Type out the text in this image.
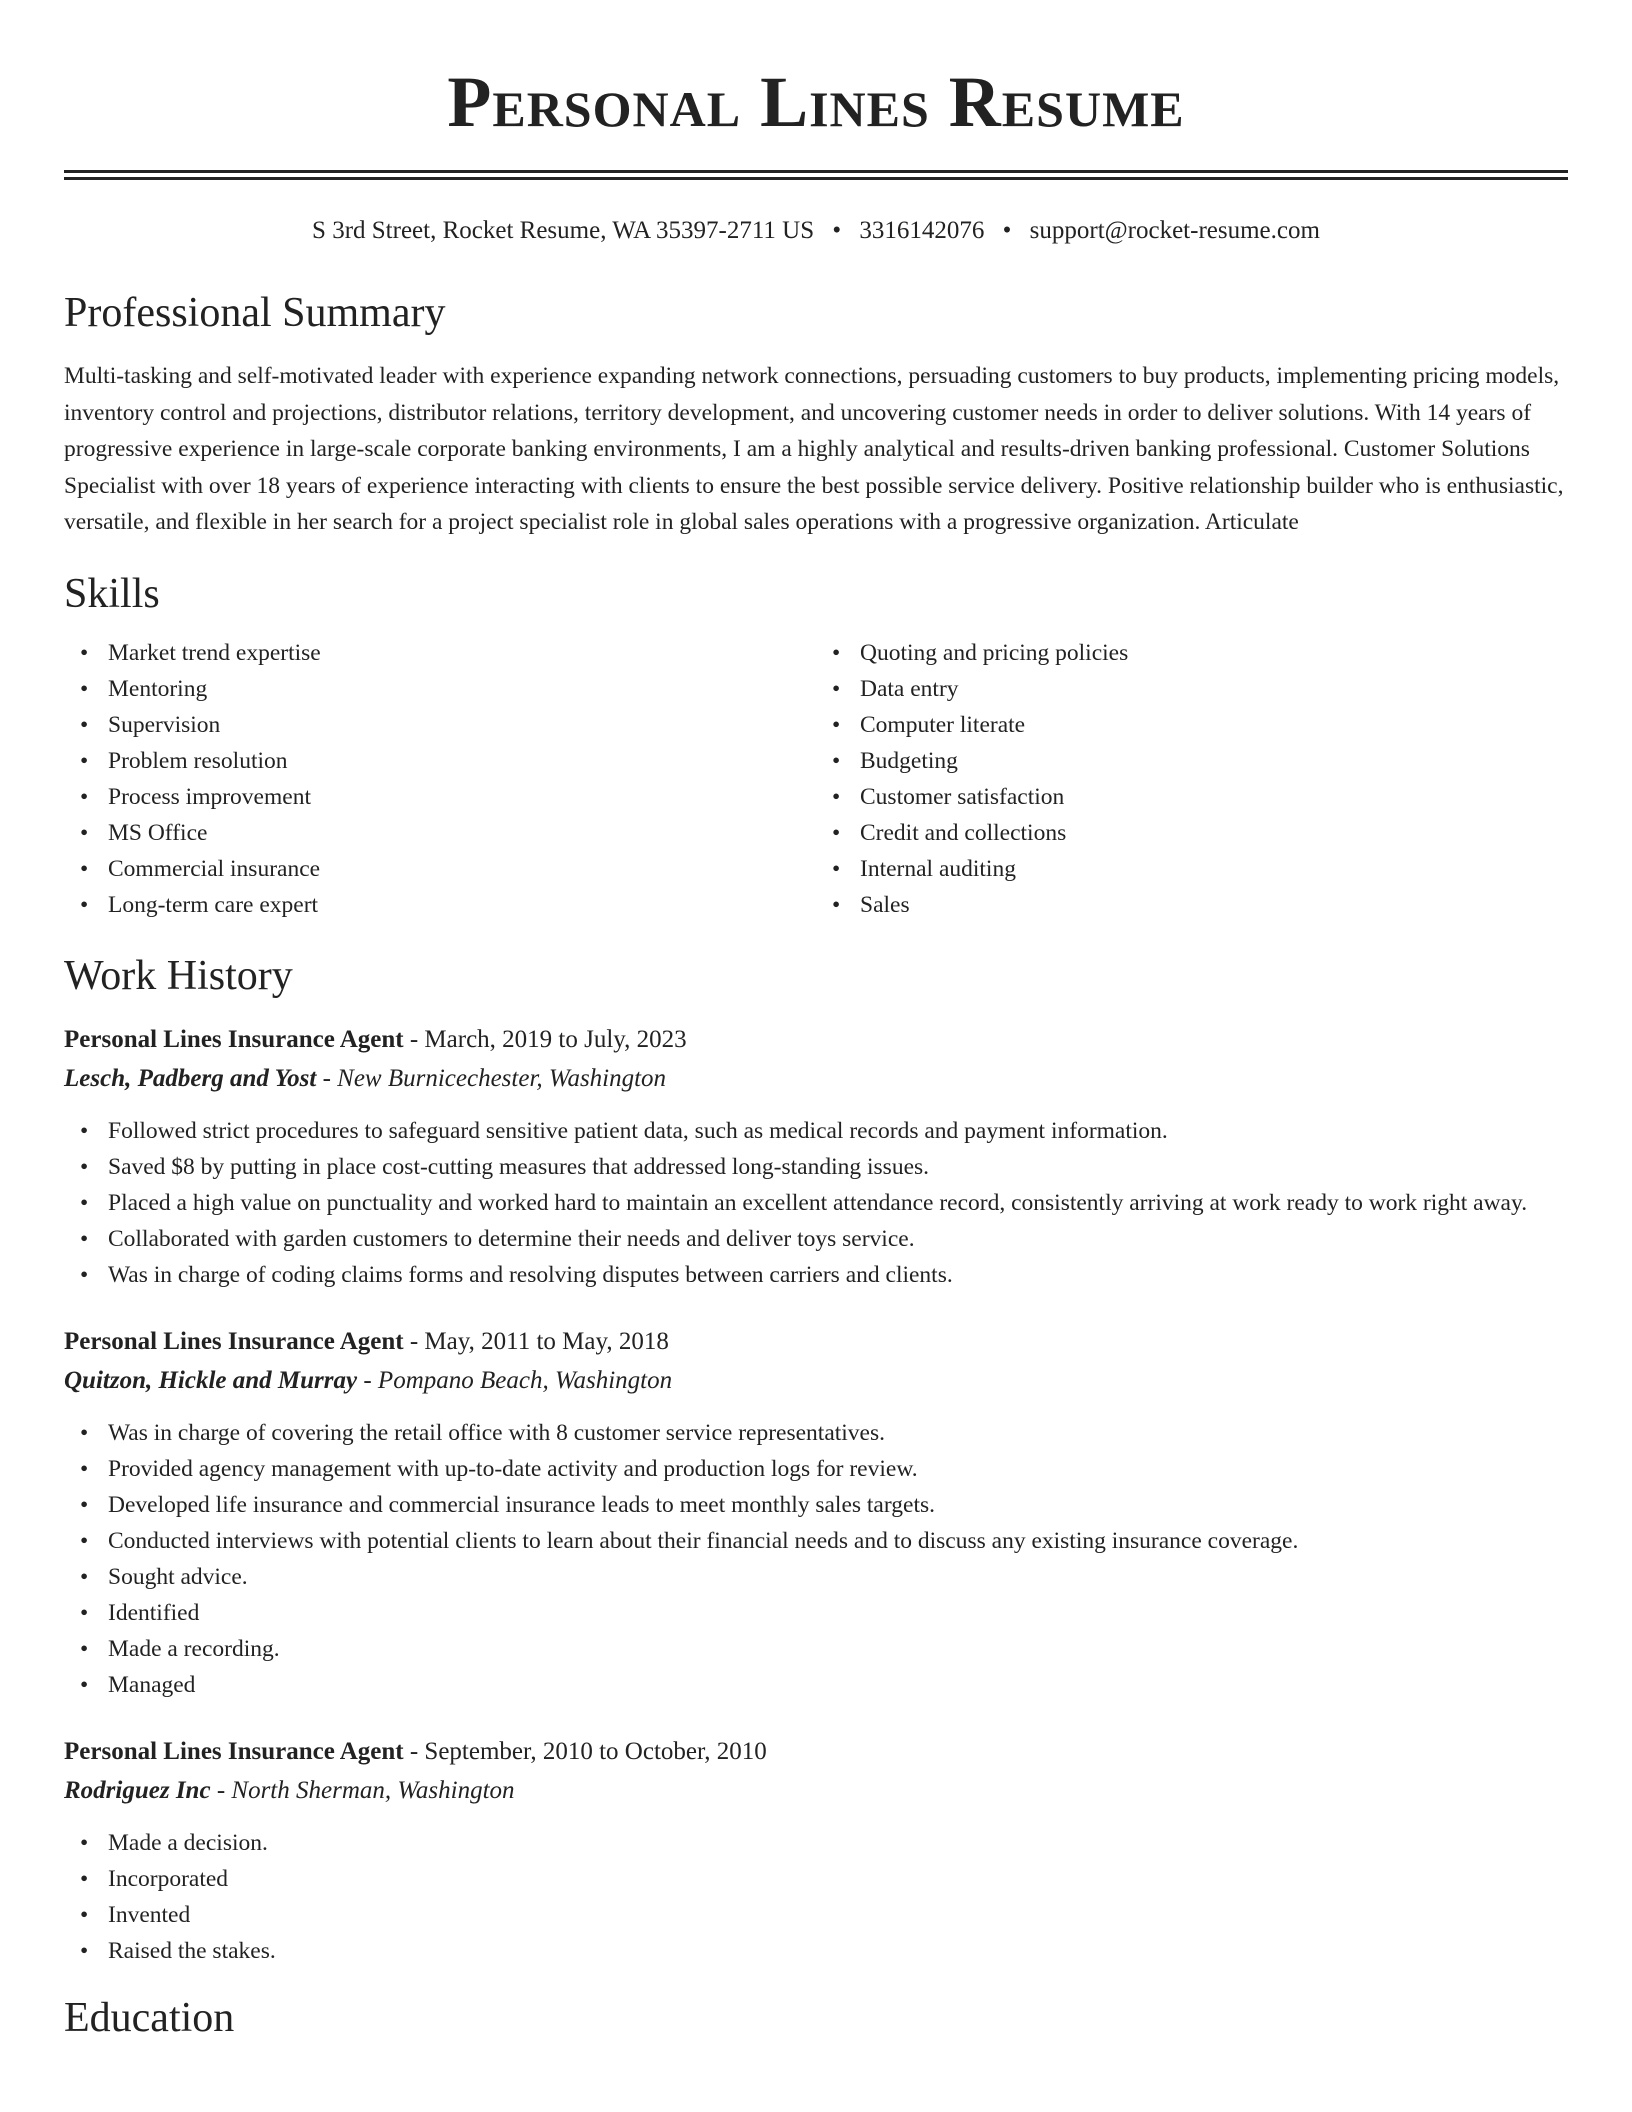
Personal Lines Resume
S 3rd Street, Rocket Resume, WA 35397-2711 US • 3316142076 • support@rocket-resume.com
Professional Summary

Multi-tasking and self-motivated leader with experience expanding network connections, persuading customers to buy products, implementing pricing models, inventory control and projections, distributor relations, territory development, and uncovering customer needs in order to deliver solutions. With 14 years of progressive experience in large-scale corporate banking environments, I am a highly analytical and results-driven banking professional. Customer Solutions Specialist with over 18 years of experience interacting with clients to ensure the best possible service delivery. Positive relationship builder who is enthusiastic, versatile, and flexible in her search for a project specialist role in global sales operations with a progressive organization. Articulate

Skills
• Market trend expertise
• Mentoring
• Supervision
• Problem resolution
• Process improvement
• MS Office
• Commercial insurance
• Long-term care expert
• Quoting and pricing policies
• Data entry
• Computer literate
• Budgeting
• Customer satisfaction
• Credit and collections
• Internal auditing
• Sales
Work History
Personal Lines Insurance Agent - March, 2019 to July, 2023
Lesch, Padberg and Yost - New Burnicechester, Washington
• Followed strict procedures to safeguard sensitive patient data, such as medical records and payment information.
• Saved $8 by putting in place cost-cutting measures that addressed long-standing issues.
• Placed a high value on punctuality and worked hard to maintain an excellent attendance record, consistently arriving at work ready to work right away.
• Collaborated with garden customers to determine their needs and deliver toys service.
• Was in charge of coding claims forms and resolving disputes between carriers and clients.
Personal Lines Insurance Agent - May, 2011 to May, 2018
Quitzon, Hickle and Murray - Pompano Beach, Washington
• Was in charge of covering the retail office with 8 customer service representatives.
• Provided agency management with up-to-date activity and production logs for review.
• Developed life insurance and commercial insurance leads to meet monthly sales targets.
• Conducted interviews with potential clients to learn about their financial needs and to discuss any existing insurance coverage.
• Sought advice.
• Identified
• Made a recording.
• Managed
Personal Lines Insurance Agent - September, 2010 to October, 2010
Rodriguez Inc - North Sherman, Washington
• Made a decision.
• Incorporated
• Invented
• Raised the stakes.
Education
